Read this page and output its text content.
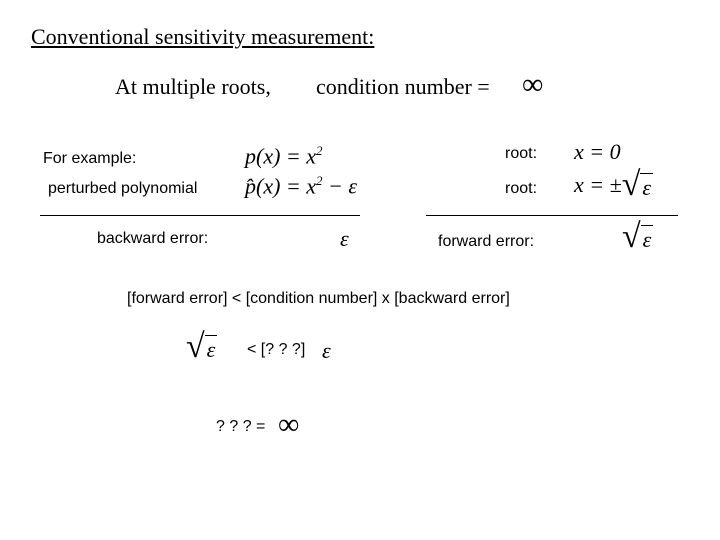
Conventional sensitivity measurement:
At multiple roots, condition number = ∞
For example:	$p(x) = x^2$	root: x = 0
perturbed polynomial p̂(x) = $x^2 - \varepsilon$	root: x = ± √ ε
backward error:	ε	forward error:	√ ε
[forward error] < [condition number] x [backward error]
√ ε < [? ? ?] ε
? ? ? = ∞
